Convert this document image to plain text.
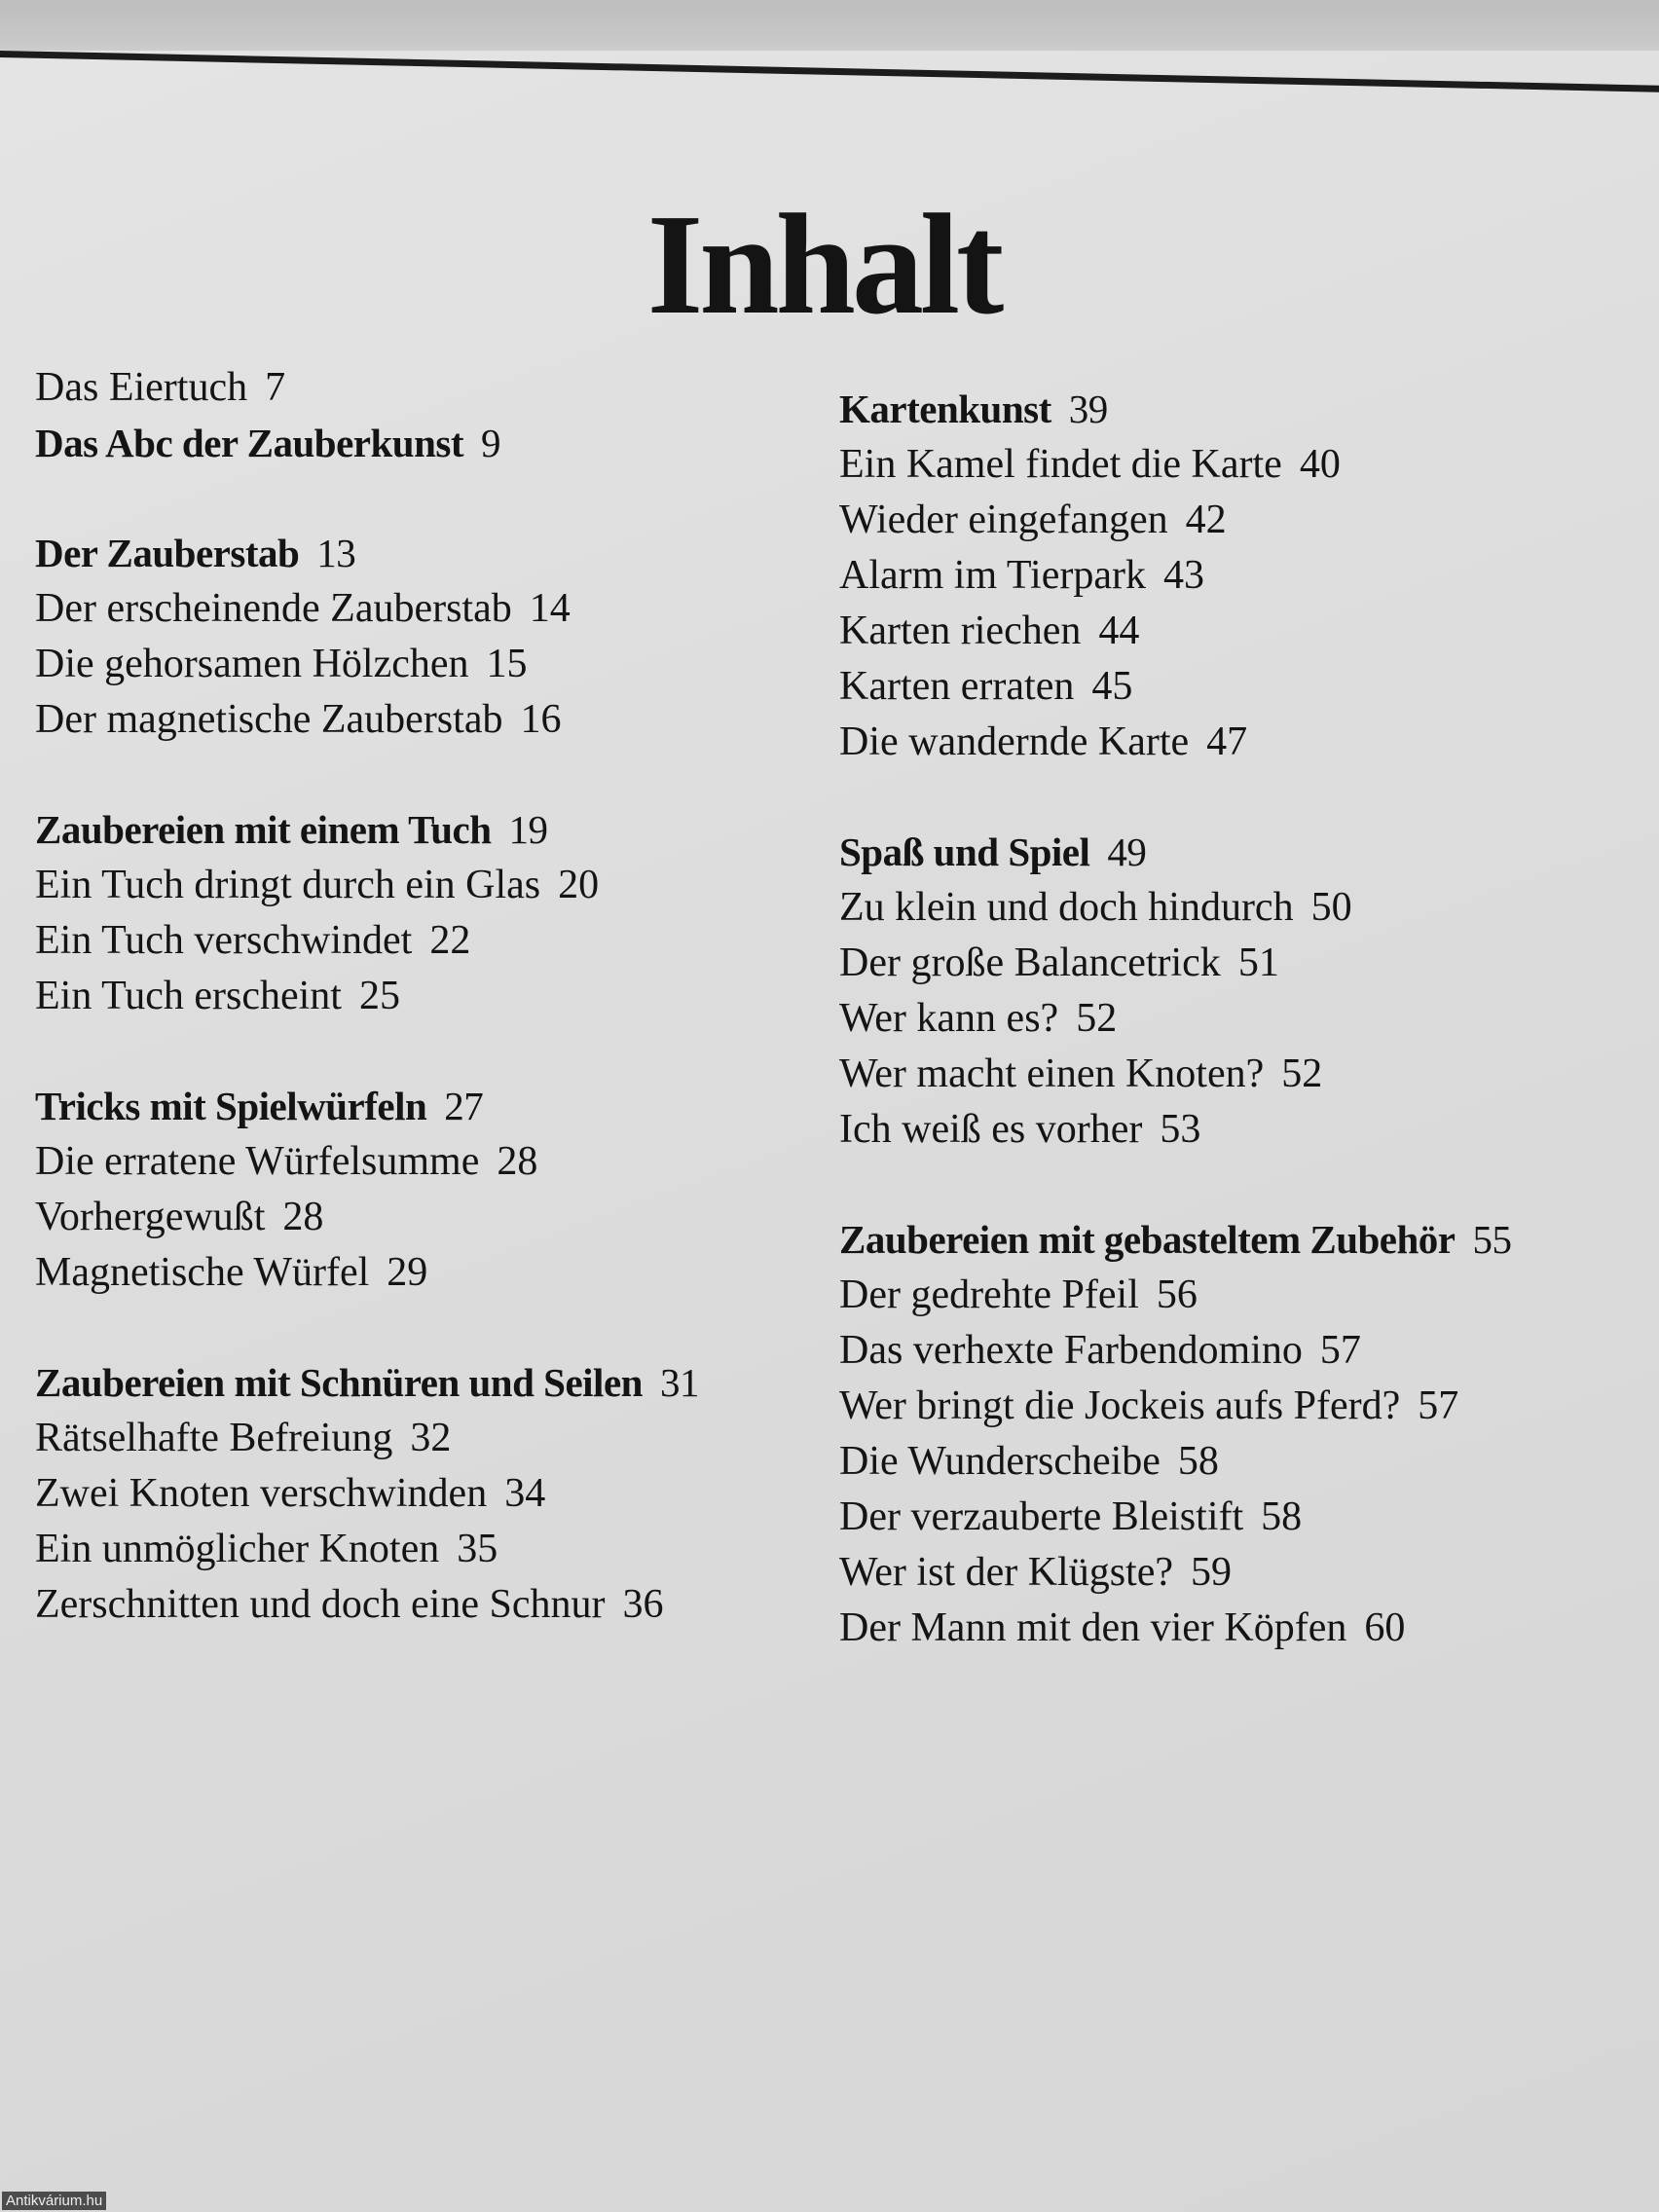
Inhalt
Das Eiertuch 7
Das Abc der Zauberkunst 9
Der Zauberstab 13
Der erscheinende Zauberstab 14
Die gehorsamen Hölzchen 15
Der magnetische Zauberstab 16
Zaubereien mit einem Tuch 19
Ein Tuch dringt durch ein Glas 20
Ein Tuch verschwindet 22
Ein Tuch erscheint 25
Tricks mit Spielwürfeln 27
Die erratene Würfelsumme 28
Vorhergewußt 28
Magnetische Würfel 29
Zaubereien mit Schnüren und Seilen 31
Rätselhafte Befreiung 32
Zwei Knoten verschwinden 34
Ein unmöglicher Knoten 35
Zerschnitten und doch eine Schnur 36
Kartenkunst 39
Ein Kamel findet die Karte 40
Wieder eingefangen 42
Alarm im Tierpark 43
Karten riechen 44
Karten erraten 45
Die wandernde Karte 47
Spaß und Spiel 49
Zu klein und doch hindurch 50
Der große Balancetrick 51
Wer kann es? 52
Wer macht einen Knoten? 52
Ich weiß es vorher 53
Zaubereien mit gebasteltem Zubehör 55
Der gedrehte Pfeil 56
Das verhexte Farbendomino 57
Wer bringt die Jockeis aufs Pferd? 57
Die Wunderscheibe 58
Der verzauberte Bleistift 58
Wer ist der Klügste? 59
Der Mann mit den vier Köpfen 60
Antikvárium.hu
